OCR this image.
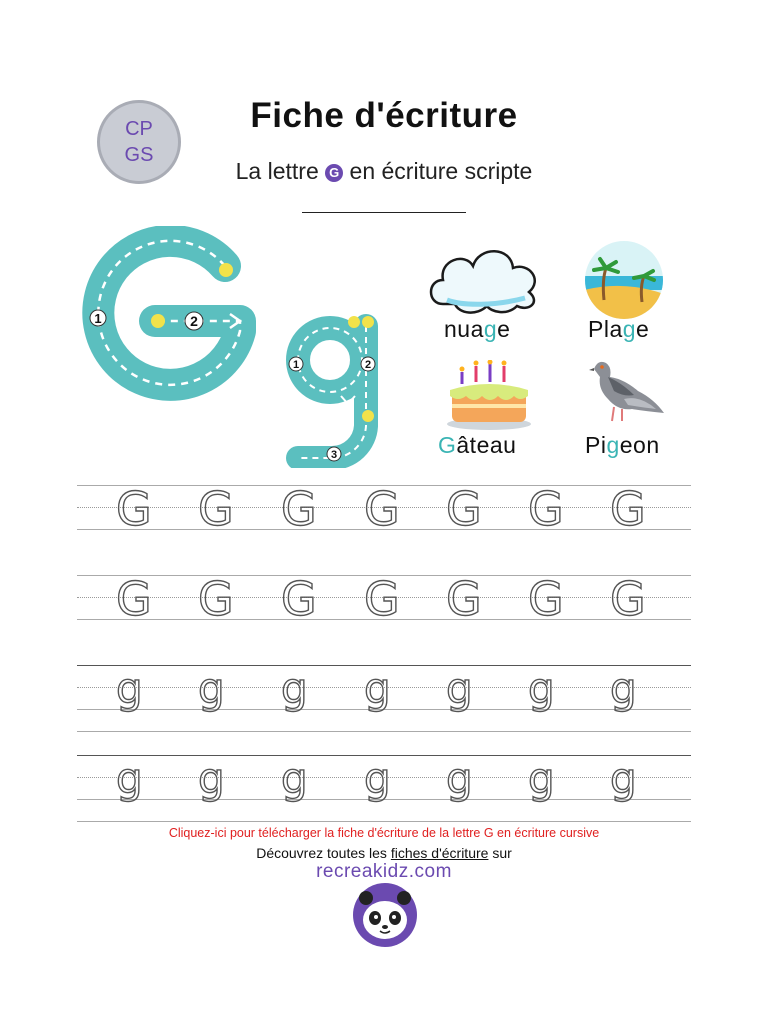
CP
GS
Fiche d'écriture
La lettre G en écriture scripte
1	2
1	2
3
nuage	Plage
Gâteau	Pigeon
G G G G G G G
G G G G G G G
g g g g g g g
g g g g g g g
Cliquez-ici pour télécharger la fiche d'écriture de la lettre G en écriture cursive
Découvrez toutes les fiches d'écriture sur
recreakidz.com
